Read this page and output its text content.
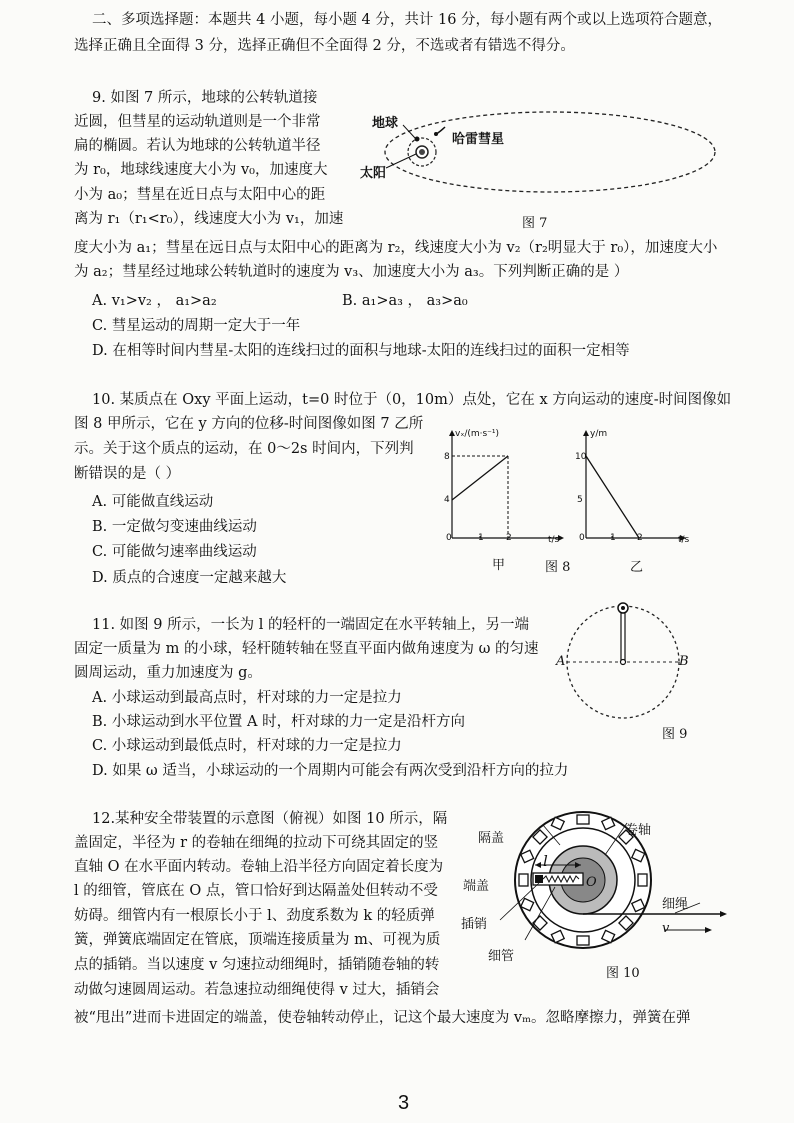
二、多项选择题：本题共 4 小题，每小题 4 分，共计 16 分，每小题有两个或以上选项符合题意，
选择正确且全面得 3 分，选择正确但不全面得 2 分，不选或者有错选不得分。
9. 如图 7 所示，地球的公转轨道接
近圆，但彗星的运动轨道则是一个非常
扁的椭圆。若认为地球的公转轨道半径
为 r₀，地球线速度大小为 v₀，加速度大
小为 a₀；彗星在近日点与太阳中心的距
离为 r₁（r₁<r₀），线速度大小为 v₁，加速
度大小为 a₁；彗星在远日点与太阳中心的距离为 r₂，线速度大小为 v₂（r₂明显大于 r₀），加速度大小
为 a₂；彗星经过地球公转轨道时的速度为 v₃、加速度大小为 a₃。下列判断正确的是 ）
A. v₁>v₂ ， a₁>a₂	B. a₁>a₃ ， a₃>a₀
C. 彗星运动的周期一定大于一年
D. 在相等时间内彗星-太阳的连线扫过的面积与地球-太阳的连线扫过的面积一定相等
地球
哈雷彗星
太阳
图 7
10. 某质点在 Oxy 平面上运动，t=0 时位于（0，10m）点处，它在 x 方向运动的速度-时间图像如
图 8 甲所示，它在 y 方向的位移-时间图像如图 7 乙所
示。关于这个质点的运动，在 0～2s 时间内，下列判
断错误的是（ ）
A. 可能做直线运动
B. 一定做匀变速曲线运动
C. 可能做匀速率曲线运动
D. 质点的合速度一定越来越大
vₓ/(m·s⁻¹)
8
4
0	1 2	t/s
甲
y/m
10
5
0	1 2	t/s
图 8	乙
11. 如图 9 所示，一长为 l 的轻杆的一端固定在水平转轴上，另一端
固定一质量为 m 的小球，轻杆随转轴在竖直平面内做角速度为 ω 的匀速
圆周运动，重力加速度为 g。
A. 小球运动到最高点时，杆对球的力一定是拉力
B. 小球运动到水平位置 A 时，杆对球的力一定是沿杆方向
C. 小球运动到最低点时，杆对球的力一定是拉力
D. 如果 ω 适当，小球运动的一个周期内可能会有两次受到沿杆方向的拉力
A	B
图 9
12.某种安全带装置的示意图（俯视）如图 10 所示，隔
盖固定，半径为 r 的卷轴在细绳的拉动下可绕其固定的竖
直轴 O 在水平面内转动。卷轴上沿半径方向固定着长度为
l 的细管，管底在 O 点，管口恰好到达隔盖处但转动不受
妨碍。细管内有一根原长小于 l、劲度系数为 k 的轻质弹
簧，弹簧底端固定在管底，顶端连接质量为 m、可视为质
点的插销。当以速度 v 匀速拉动细绳时，插销随卷轴的转
动做匀速圆周运动。若急速拉动细绳使得 v 过大，插销会
被“甩出”进而卡进固定的端盖，使卷轴转动停止，记这个最大速度为 vₘ。忽略摩擦力，弹簧在弹
隔盖
卷轴
端盖
插销
细管
细绳
l
O
v
图 10
3
